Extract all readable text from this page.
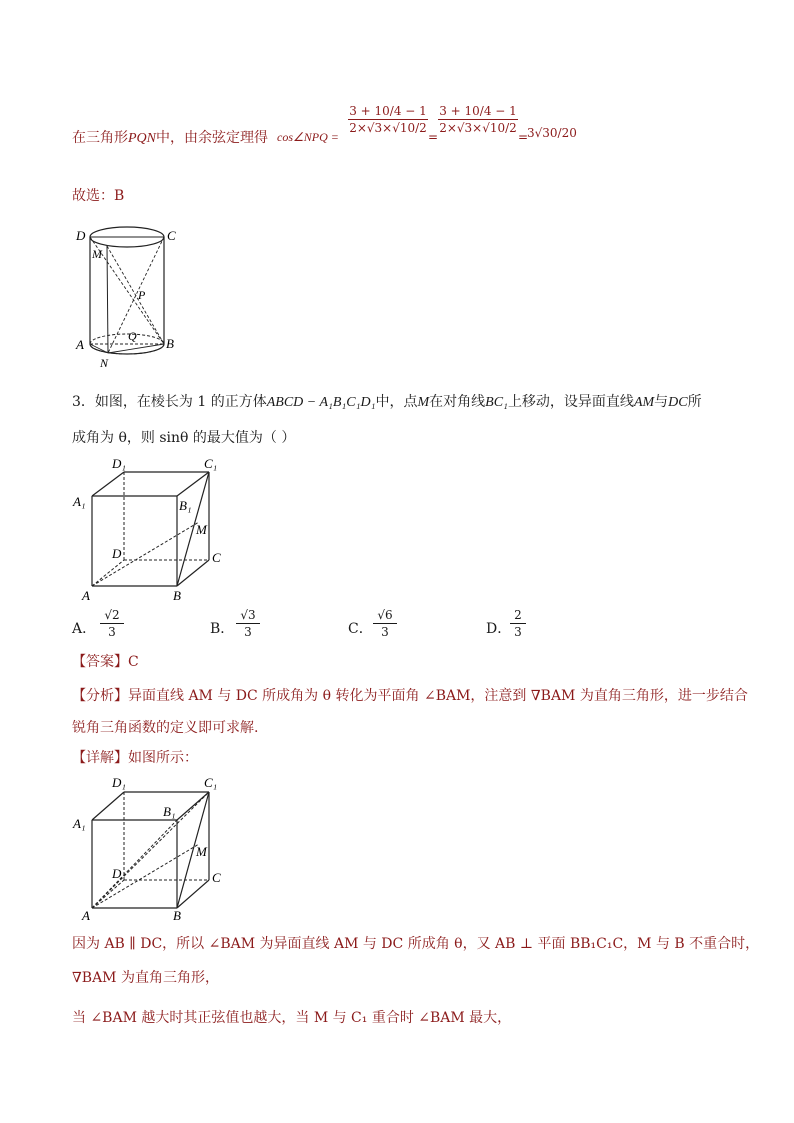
在三角形PQN中，由余弦定理得 cos∠NPQ =
3 + 10/4 − 1
2×√3×√10/2
=
3 + 10/4 − 1
2×√3×√10/2
=
3√30/20
故选：B
D	C
M
P
Q
A	B
N
3．如图，在棱长为 1 的正方体ABCD − A₁B₁C₁D₁中，点M在对角线BC₁上移动，设异面直线AM与DC所
成角为 θ，则 sinθ 的最大值为（ ）
D₁	C₁
A₁	B₁
M
D	C
A	B
A．
√2
3	B．
√3
3	C．
√6
3	D．
2
3
【答案】C
【分析】异面直线 AM 与 DC 所成角为 θ 转化为平面角 ∠BAM，注意到 ∇BAM 为直角三角形，进一步结合
锐角三角函数的定义即可求解.
【详解】如图所示：
D₁	C₁
A₁
B₁
M
D	C
A	B
因为 AB ∥ DC，所以 ∠BAM 为异面直线 AM 与 DC 所成角 θ，又 AB ⊥ 平面 BB₁C₁C，M 与 B 不重合时，
∇BAM 为直角三角形，
当 ∠BAM 越大时其正弦值也越大，当 M 与 C₁ 重合时 ∠BAM 最大，
